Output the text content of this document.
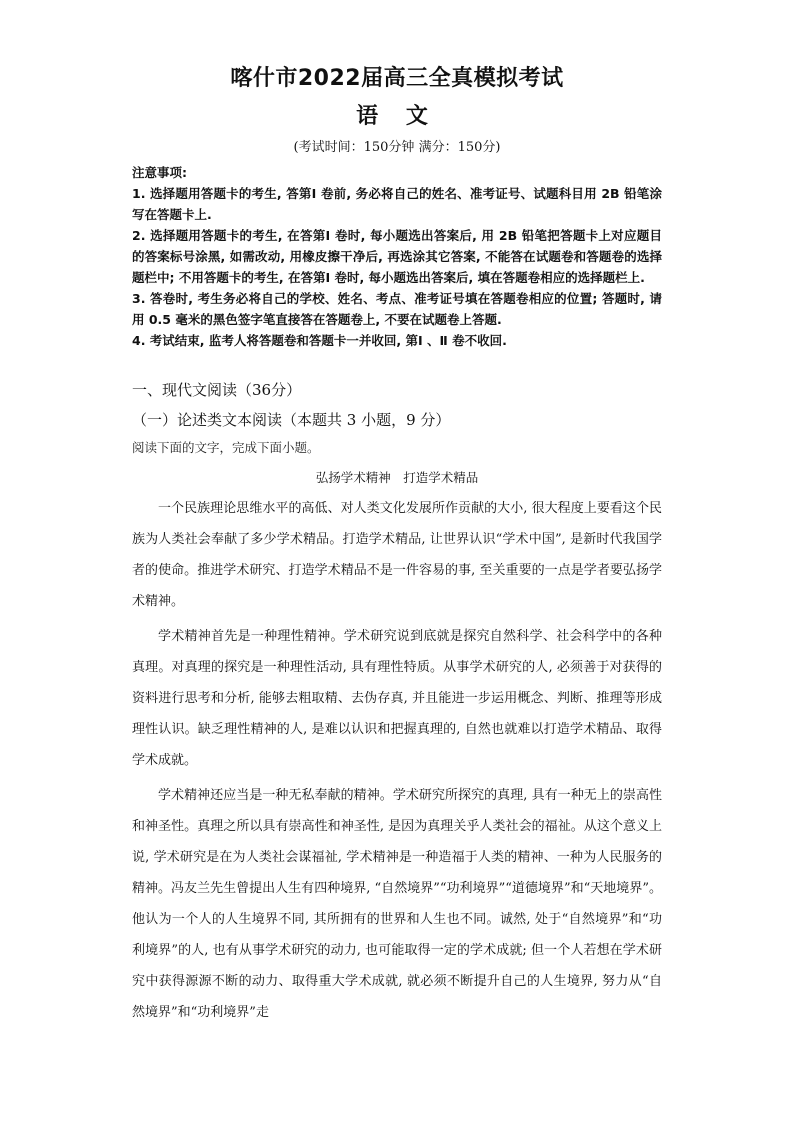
喀什市2022届高三全真模拟考试
语 文
(考试时间：150分钟 满分：150分)
注意事项:
1. 选择题用答题卡的考生, 答第Ⅰ 卷前, 务必将自己的姓名、准考证号、试题科目用 2B 铅笔涂写在答题卡上.
2. 选择题用答题卡的考生, 在答第Ⅰ 卷时, 每小题选出答案后, 用 2B 铅笔把答题卡上对应题目的答案标号涂黑, 如需改动, 用橡皮擦干净后, 再选涂其它答案, 不能答在试题卷和答题卷的选择题栏中; 不用答题卡的考生, 在答第Ⅰ 卷时, 每小题选出答案后, 填在答题卷相应的选择题栏上.
3. 答卷时, 考生务必将自己的学校、姓名、考点、准考证号填在答题卷相应的位置; 答题时, 请用 0.5 毫米的黑色签字笔直接答在答题卷上, 不要在试题卷上答题.
4. 考试结束, 监考人将答题卷和答题卡一并收回, 第Ⅰ 、Ⅱ 卷不收回.
一、现代文阅读（36分）
（一）论述类文本阅读（本题共 3 小题，9 分）
阅读下面的文字，完成下面小题。
弘扬学术精神　打造学术精品

一个民族理论思维水平的高低、对人类文化发展所作贡献的大小, 很大程度上要看这个民族为人类社会奉献了多少学术精品。打造学术精品, 让世界认识“学术中国”, 是新时代我国学者的使命。推进学术研究、打造学术精品不是一件容易的事, 至关重要的一点是学者要弘扬学术精神。

学术精神首先是一种理性精神。学术研究说到底就是探究自然科学、社会科学中的各种真理。对真理的探究是一种理性活动, 具有理性特质。从事学术研究的人, 必须善于对获得的资料进行思考和分析, 能够去粗取精、去伪存真, 并且能进一步运用概念、判断、推理等形成理性认识。缺乏理性精神的人, 是难以认识和把握真理的, 自然也就难以打造学术精品、取得学术成就。

学术精神还应当是一种无私奉献的精神。学术研究所探究的真理, 具有一种无上的崇高性和神圣性。真理之所以具有崇高性和神圣性, 是因为真理关乎人类社会的福祉。从这个意义上说, 学术研究是在为人类社会谋福祉, 学术精神是一种造福于人类的精神、一种为人民服务的精神。冯友兰先生曾提出人生有四种境界, “自然境界”“功利境界”“道德境界”和“天地境界”。他认为一个人的人生境界不同, 其所拥有的世界和人生也不同。诚然, 处于“自然境界”和“功利境界”的人, 也有从事学术研究的动力, 也可能取得一定的学术成就; 但一个人若想在学术研究中获得源源不断的动力、取得重大学术成就, 就必须不断提升自己的人生境界, 努力从“自然境界”和“功利境界”走
